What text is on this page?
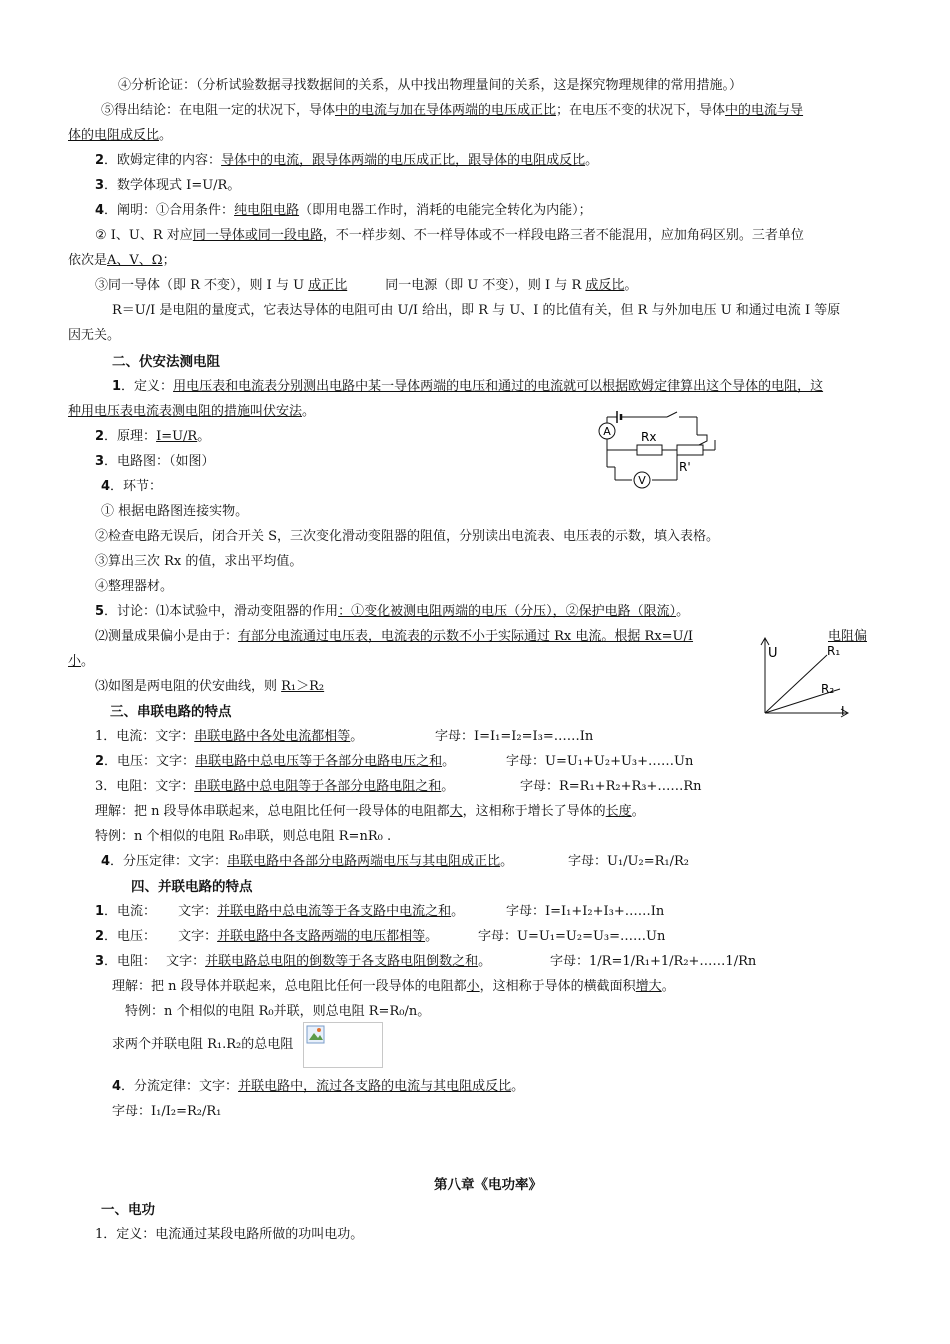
④分析论证：（分析试验数据寻找数据间的关系，从中找出物理量间的关系，这是探究物理规律的常用措施。）
⑤得出结论：在电阻一定的状况下，导体中的电流与加在导体两端的电压成正比；在电压不变的状况下，导体中的电流与导
体的电阻成反比。
2．欧姆定律的内容：导体中的电流，跟导体两端的电压成正比，跟导体的电阻成反比。
3．数学体现式 I=U/R。
4．阐明：①合用条件：纯电阻电路（即用电器工作时，消耗的电能完全转化为内能）；
② I、U、R 对应同一导体或同一段电路，不一样步刻、不一样导体或不一样段电路三者不能混用，应加角码区别。三者单位
依次是A、V、Ω；
③同一导体（即 R 不变），则 I 与 U 成正比	同一电源（即 U 不变），则 I 与 R 成反比。
R＝U/I 是电阻的量度式，它表达导体的电阻可由 U/I 给出，即 R 与 U、I 的比值有关，但 R 与外加电压 U 和通过电流 I 等原
因无关。
二、伏安法测电阻
1．定义：用电压表和电流表分别测出电路中某一导体两端的电压和通过的电流就可以根据欧姆定律算出这个导体的电阻，这
种用电压表电流表测电阻的措施叫伏安法。
2．原理：I=U/R。
3．电路图：（如图）
4．环节：
① 根据电路图连接实物。
②检查电路无误后，闭合开关 S，三次变化滑动变阻器的阻值，分别读出电流表、电压表的示数，填入表格。
③算出三次 Rx 的值，求出平均值。
④整理器材。
5．讨论：⑴本试验中，滑动变阻器的作用：①变化被测电阻两端的电压（分压），②保护电路（限流）。
⑵测量成果偏小是由于：有部分电流通过电压表，电流表的示数不小于实际通过 Rx 电流。根据 Rx=U/I	电阻偏
小。
⑶如图是两电阻的伏安曲线，则 R₁＞R₂
三、串联电路的特点
1．电流：文字：串联电路中各处电流都相等。	字母：I=I₁=I₂=I₃=……In
2．电压：文字：串联电路中总电压等于各部分电路电压之和。	字母：U=U₁+U₂+U₃+……Un
3．电阻：文字：串联电路中总电阻等于各部分电路电阻之和。	字母：R=R₁+R₂+R₃+……Rn
理解：把 n 段导体串联起来，总电阻比任何一段导体的电阻都大，这相称于增长了导体的长度。
特例：n 个相似的电阻 R₀串联，则总电阻 R=nR₀ .
4．分压定律：文字：串联电路中各部分电路两端电压与其电阻成正比。	字母：U₁/U₂=R₁/R₂
四、并联电路的特点
1．电流： 文字：并联电路中总电流等于各支路中电流之和。	字母：I=I₁+I₂+I₃+……In
2．电压： 文字：并联电路中各支路两端的电压都相等。	字母：U=U₁=U₂=U₃=……Un
3．电阻： 文字：并联电路总电阻的倒数等于各支路电阻倒数之和。	字母：1/R=1/R₁+1/R₂+……1/Rn
理解：把 n 段导体并联起来，总电阻比任何一段导体的电阻都小，这相称于导体的横截面积增大。
特例：n 个相似的电阻 R₀并联，则总电阻 R=R₀/n。
求两个并联电阻 R₁.R₂的总电阻
4．分流定律：文字：并联电路中，流过各支路的电流与其电阻成反比。
字母：I₁/I₂=R₂/R₁
第八章《电功率》
一、电功
1．定义：电流通过某段电路所做的功叫电功。
A
V
Rx
R'
U	R₁
R₂
I
